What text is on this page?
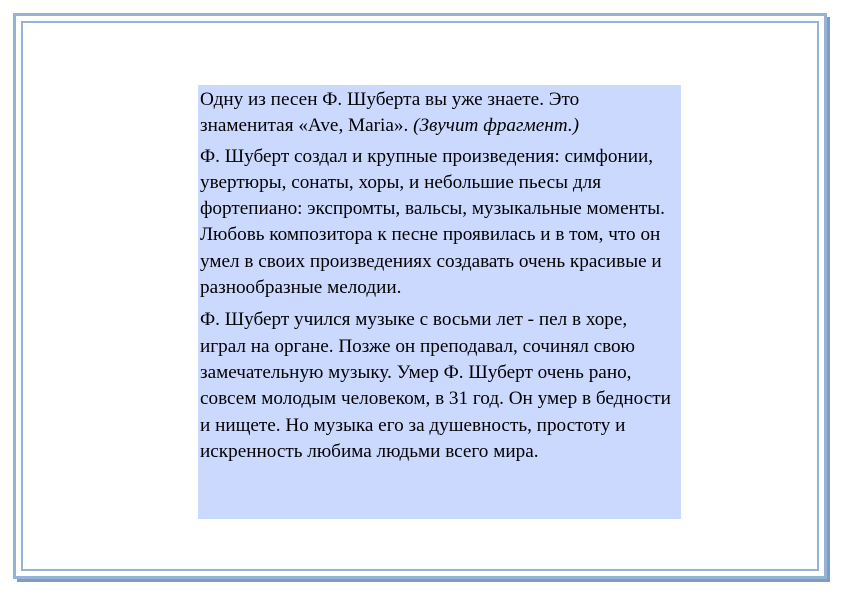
Одну из песен Ф. Шуберта вы уже знаете. Это знаменитая «Ave, Maria». (Звучит фрагмент.)

Ф. Шуберт создал и крупные произведения: симфонии, увертюры, сонаты, хоры, и небольшие пьесы для фортепиано: экспромты, вальсы, музыкальные моменты. Любовь композитора к песне проявилась и в том, что он умел в своих произведениях создавать очень красивые и разнообразные мелодии.

Ф. Шуберт учился музыке с восьми лет - пел в хоре, играл на органе. Позже он преподавал, сочинял свою замечательную музыку. Умер Ф. Шуберт очень рано, совсем молодым человеком, в 31 год. Он умер в бедности и нищете. Но музыка его за душевность, простоту и искренность любима людьми всего мира.
